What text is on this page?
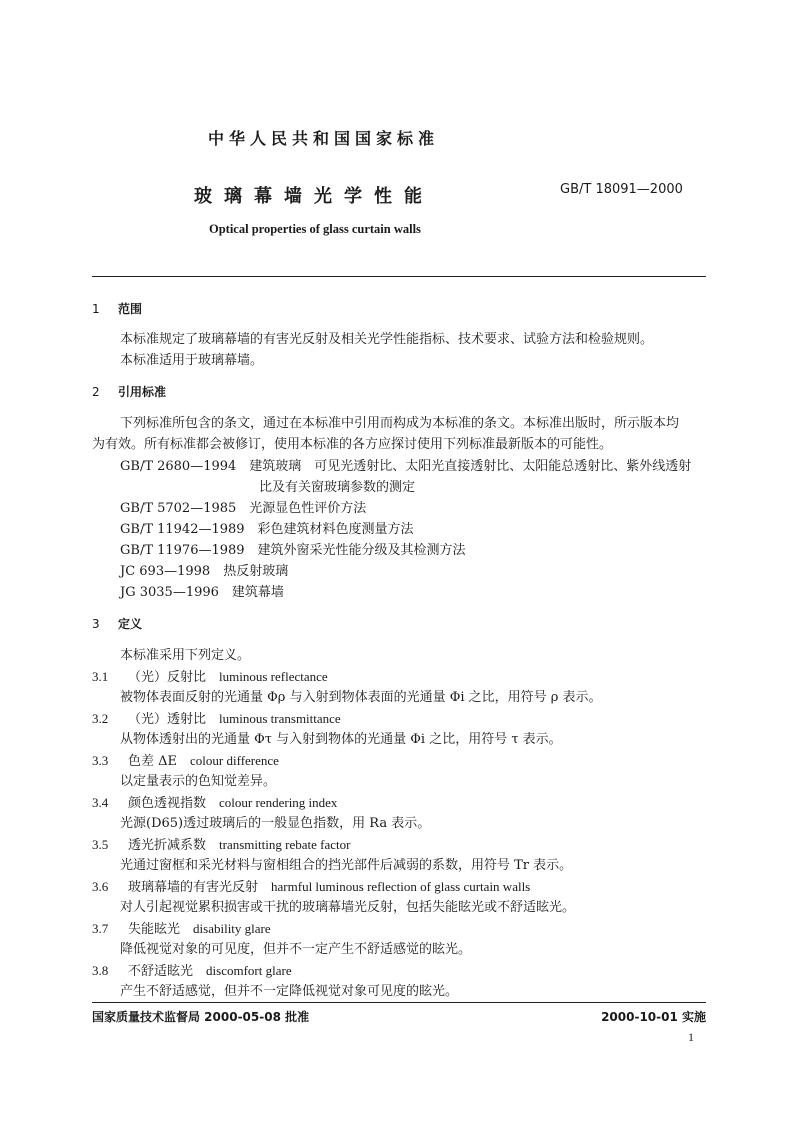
中华人民共和国国家标准
玻璃幕墙光学性能	GB/T 18091—2000
Optical properties of glass curtain walls
1 范围
本标准规定了玻璃幕墙的有害光反射及相关光学性能指标、技术要求、试验方法和检验规则。
本标准适用于玻璃幕墙。
2 引用标准
下列标准所包含的条文，通过在本标准中引用而构成为本标准的条文。本标准出版时，所示版本均
为有效。所有标准都会被修订，使用本标准的各方应探讨使用下列标准最新版本的可能性。
GB/T 2680—1994　建筑玻璃　可见光透射比、太阳光直接透射比、太阳能总透射比、紫外线透射
比及有关窗玻璃参数的测定
GB/T 5702—1985　光源显色性评价方法
GB/T 11942—1989　彩色建筑材料色度测量方法
GB/T 11976—1989　建筑外窗采光性能分级及其检测方法
JC 693—1998　热反射玻璃
JG 3035—1996　建筑幕墙
3 定义
本标准采用下列定义。
3.1 （光）反射比　 luminous reflectance
被物体表面反射的光通量 Φρ 与入射到物体表面的光通量 Φi 之比，用符号 ρ 表示。
3.2 （光）透射比　 luminous transmittance
从物体透射出的光通量 Φτ 与入射到物体的光通量 Φi 之比，用符号 τ 表示。
3.3 色差 ΔE　 colour difference
以定量表示的色知觉差异。
3.4 颜色透视指数　 colour rendering index
光源(D65)透过玻璃后的一般显色指数，用 Ra 表示。
3.5 透光折减系数　 transmitting rebate factor
光通过窗框和采光材料与窗相组合的挡光部件后减弱的系数，用符号 Tr 表示。
3.6 玻璃幕墙的有害光反射　 harmful luminous reflection of glass curtain walls
对人引起视觉累积损害或干扰的玻璃幕墙光反射，包括失能眩光或不舒适眩光。
3.7 失能眩光　 disability glare
降低视觉对象的可见度，但并不一定产生不舒适感觉的眩光。
3.8 不舒适眩光　 discomfort glare
产生不舒适感觉，但并不一定降低视觉对象可见度的眩光。
国家质量技术监督局 2000-05-08 批准	2000-10-01 实施
1
